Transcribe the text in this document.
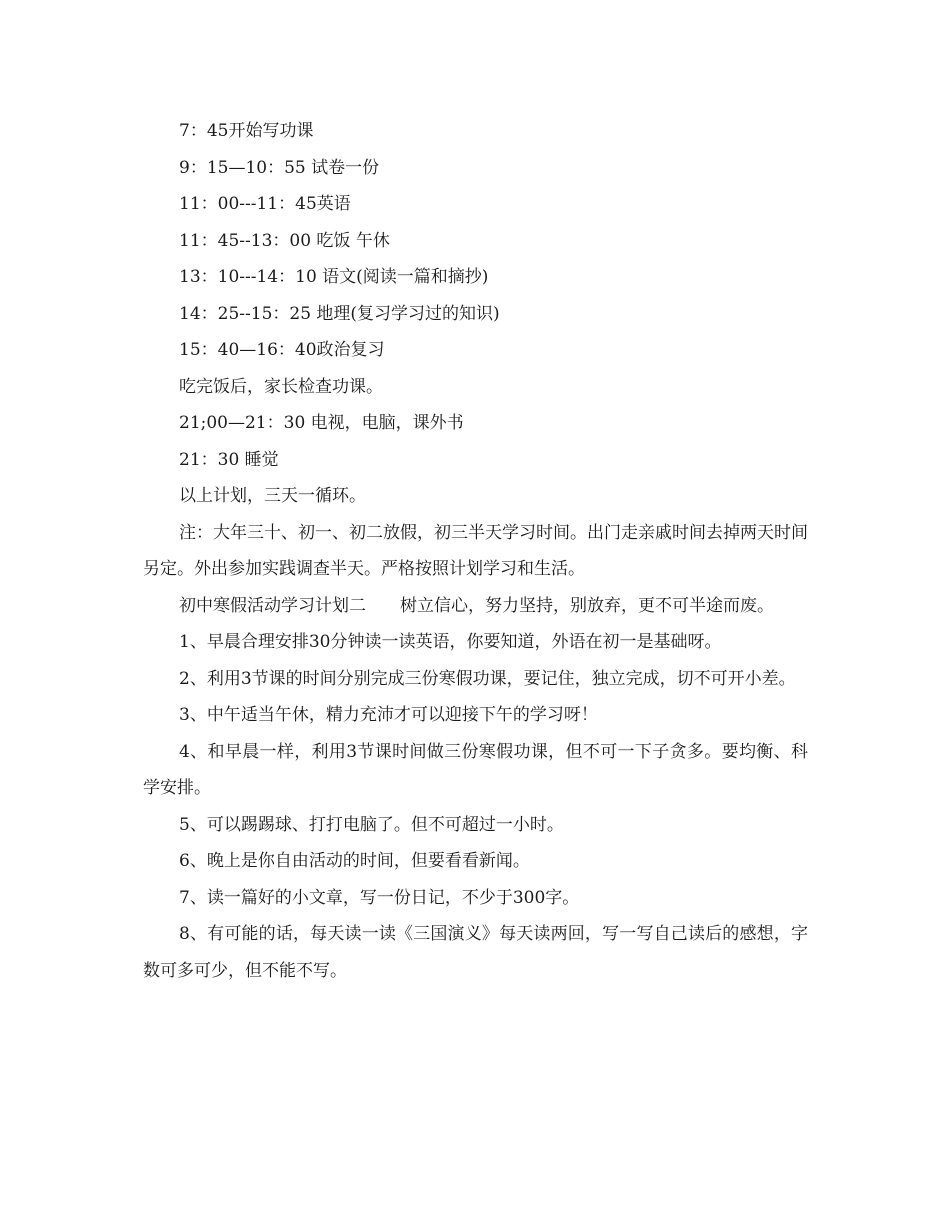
7：45开始写功课

9：15—10：55 试卷一份

11：00---11：45英语

11：45--13：00 吃饭 午休

13：10---14：10 语文(阅读一篇和摘抄)

14：25--15：25 地理(复习学习过的知识)

15：40—16：40政治复习

吃完饭后，家长检查功课。

21;00—21：30 电视，电脑，课外书

21：30 睡觉

以上计划，三天一循环。

注：大年三十、初一、初二放假，初三半天学习时间。出门走亲戚时间去掉两天时间另定。外出参加实践调查半天。严格按照计划学习和生活。

初中寒假活动学习计划二　　树立信心，努力坚持，别放弃，更不可半途而废。

1、早晨合理安排30分钟读一读英语，你要知道，外语在初一是基础呀。

2、利用3节课的时间分别完成三份寒假功课，要记住，独立完成，切不可开小差。

3、中午适当午休，精力充沛才可以迎接下午的学习呀！

4、和早晨一样，利用3节课时间做三份寒假功课，但不可一下子贪多。要均衡、科学安排。

5、可以踢踢球、打打电脑了。但不可超过一小时。

6、晚上是你自由活动的时间，但要看看新闻。

7、读一篇好的小文章，写一份日记，不少于300字。

8、有可能的话，每天读一读《三国演义》每天读两回，写一写自己读后的感想，字数可多可少，但不能不写。
